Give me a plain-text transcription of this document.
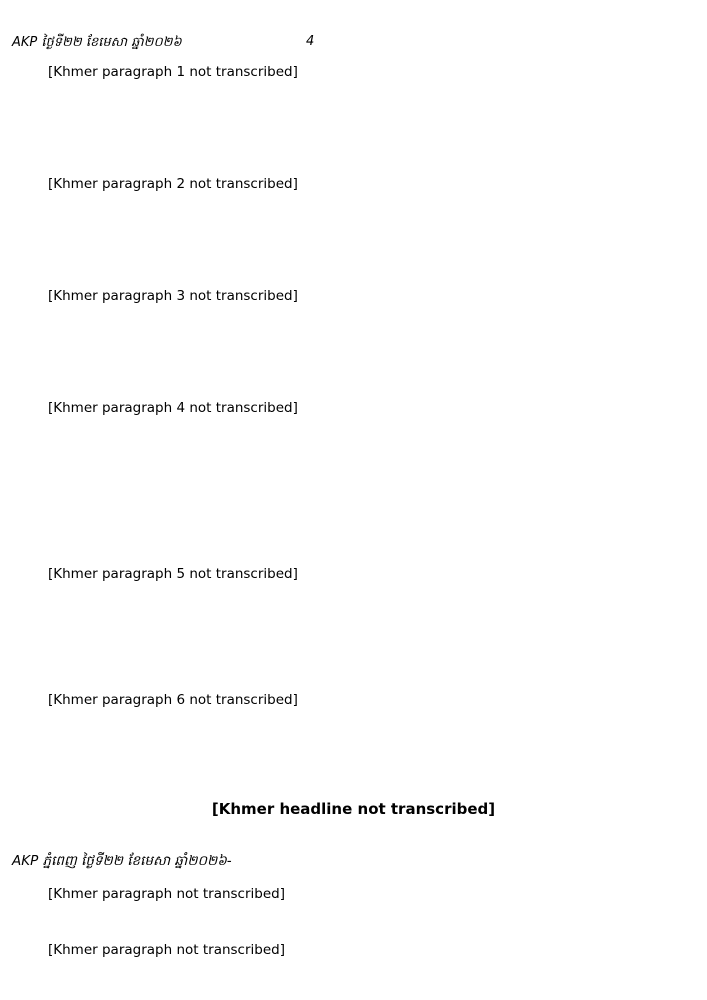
AKP ថ្ងៃទី២២ ខែមេសា ឆ្នាំ២០២៦	4

[Khmer paragraph 1 not transcribed]

[Khmer paragraph 2 not transcribed]

[Khmer paragraph 3 not transcribed]

[Khmer paragraph 4 not transcribed]

[Khmer paragraph 5 not transcribed]

[Khmer paragraph 6 not transcribed]

[Khmer headline not transcribed]
AKP ភ្នំពេញ ថ្ងៃទី២២ ខែមេសា ឆ្នាំ២០២៦-

[Khmer paragraph not transcribed]

[Khmer paragraph not transcribed]
